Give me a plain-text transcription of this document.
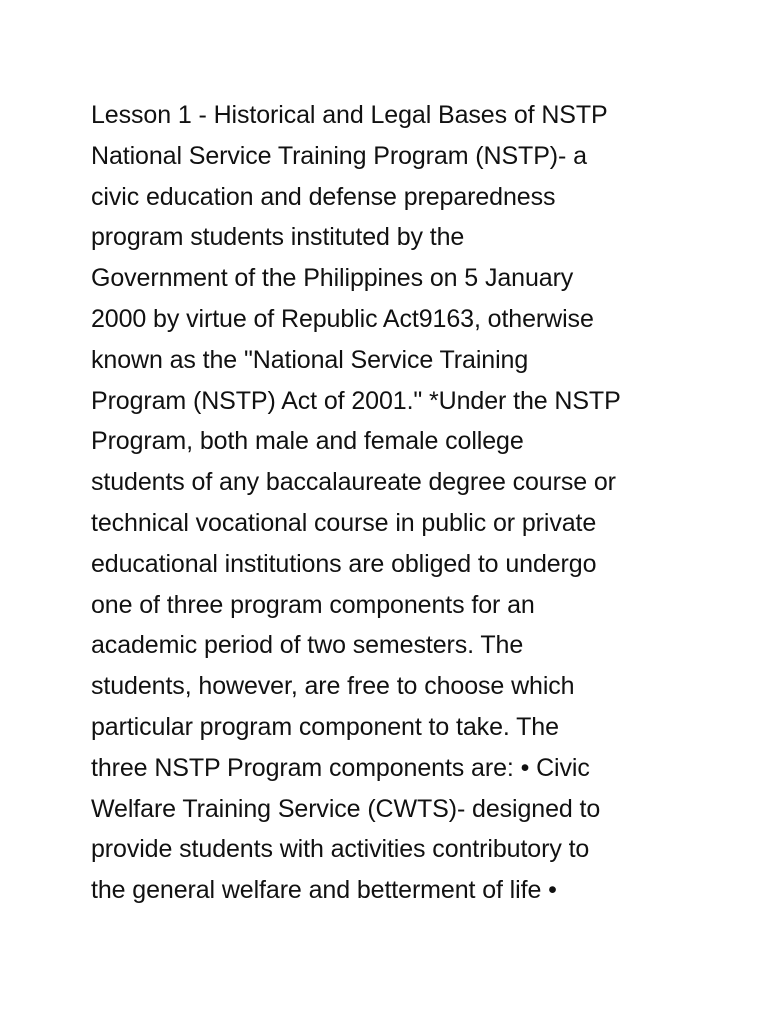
Lesson 1 - Historical and Legal Bases of NSTP
National Service Training Program (NSTP)- a
civic education and defense preparedness
program students instituted by the
Government of the Philippines on 5 January
2000 by virtue of Republic Act9163, otherwise
known as the "National Service Training
Program (NSTP) Act of 2001." *Under the NSTP
Program, both male and female college
students of any baccalaureate degree course or
technical vocational course in public or private
educational institutions are obliged to undergo
one of three program components for an
academic period of two semesters. The
students, however, are free to choose which
particular program component to take. The
three NSTP Program components are: • Civic
Welfare Training Service (CWTS)- designed to
provide students with activities contributory to
the general welfare and betterment of life •
